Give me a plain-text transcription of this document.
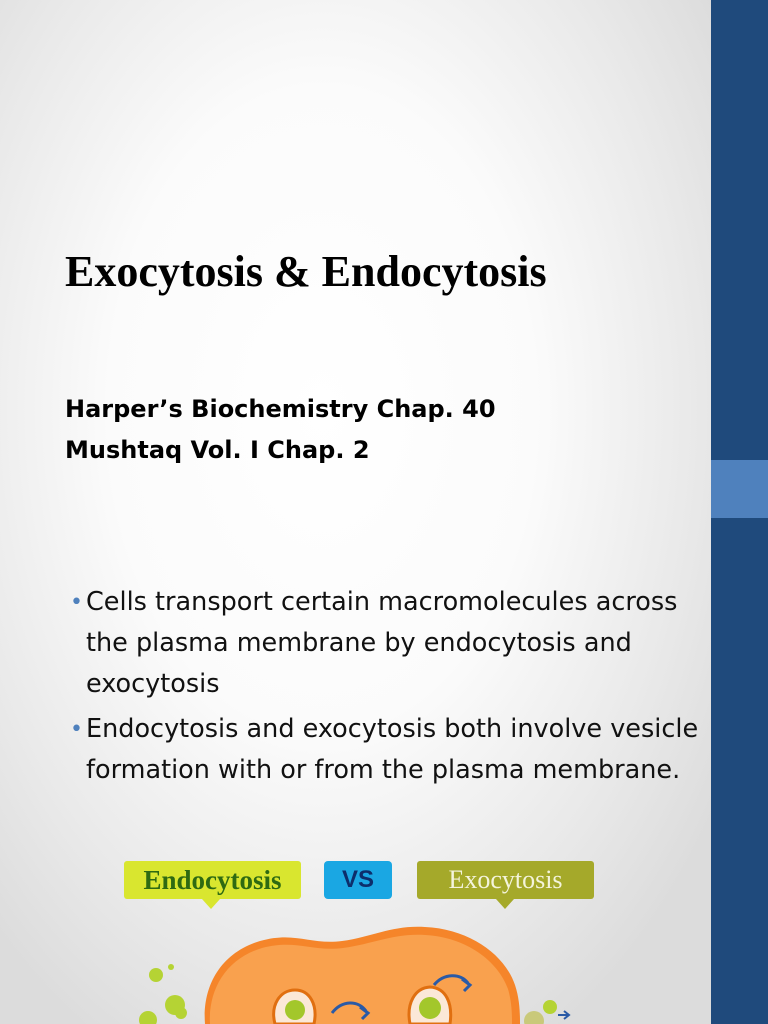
Exocytosis & Endocytosis
Harper’s Biochemistry Chap. 40
Mushtaq Vol. I Chap. 2
• Cells transport certain macromolecules across the plasma membrane by endocytosis and exocytosis
• Endocytosis and exocytosis both involve vesicle formation with or from the plasma membrane.
Endocytosis	VS	Exocytosis
